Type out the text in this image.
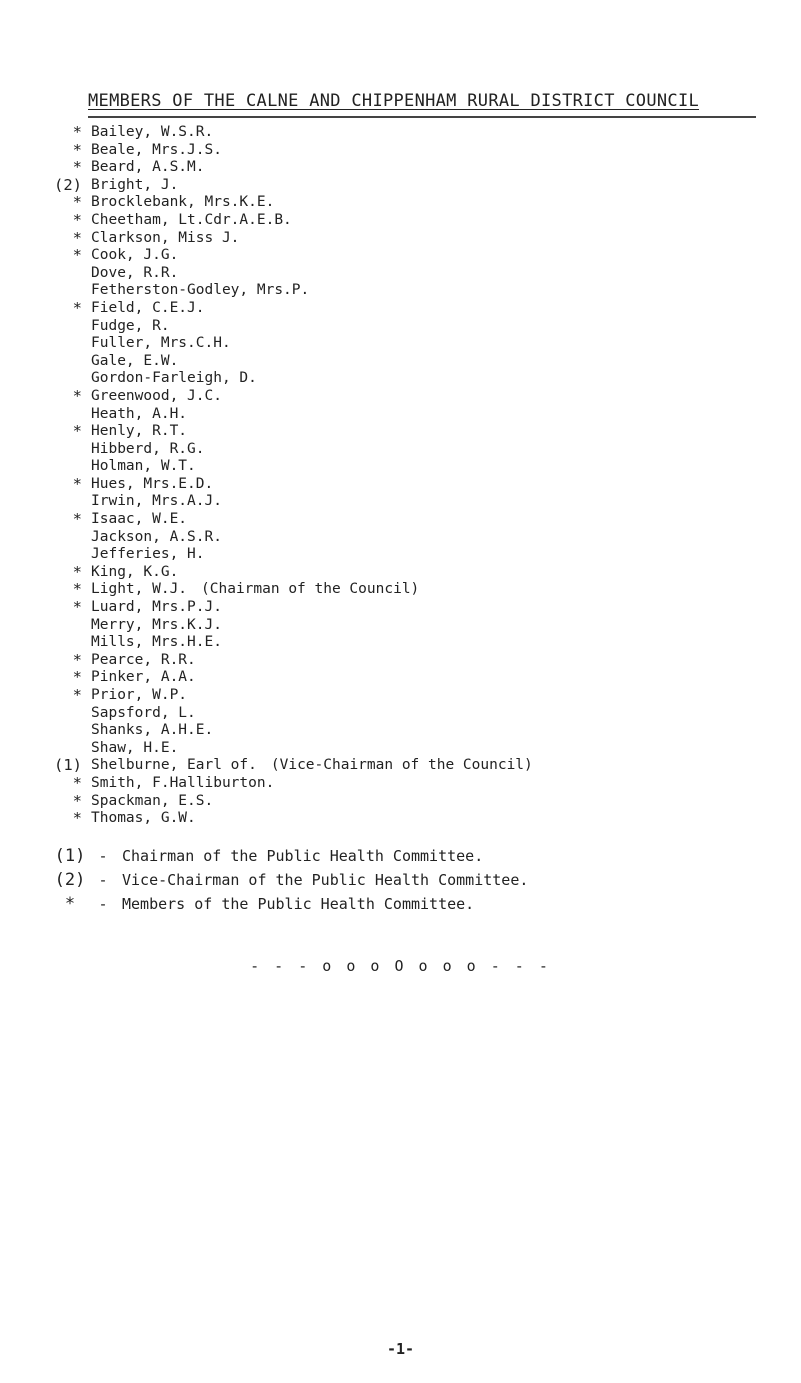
MEMBERS OF THE CALNE AND CHIPPENHAM RURAL DISTRICT COUNCIL
* Bailey, W.S.R.
* Beale, Mrs.J.S.
* Beard, A.S.M.
(2) Bright, J.
* Brocklebank, Mrs.K.E.
* Cheetham, Lt.Cdr.A.E.B.
* Clarkson, Miss J.
* Cook, J.G.
Dove, R.R.
Fetherston-Godley, Mrs.P.
* Field, C.E.J.
Fudge, R.
Fuller, Mrs.C.H.
Gale, E.W.
Gordon-Farleigh, D.
* Greenwood, J.C.
Heath, A.H.
* Henly, R.T.
Hibberd, R.G.
Holman, W.T.
* Hues, Mrs.E.D.
Irwin, Mrs.A.J.
* Isaac, W.E.
Jackson, A.S.R.
Jefferies, H.
* King, K.G.
* Light, W.J. (Chairman of the Council)
* Luard, Mrs.P.J.
Merry, Mrs.K.J.
Mills, Mrs.H.E.
* Pearce, R.R.
* Pinker, A.A.
* Prior, W.P.
Sapsford, L.
Shanks, A.H.E.
Shaw, H.E.
(1) Shelburne, Earl of. (Vice-Chairman of the Council)
* Smith, F.Halliburton.
* Spackman, E.S.
* Thomas, G.W.
(1) - Chairman of the Public Health Committee.
(2) - Vice-Chairman of the Public Health Committee.
*	- Members of the Public Health Committee.
- - - o o o O o o o - - -
-1-
